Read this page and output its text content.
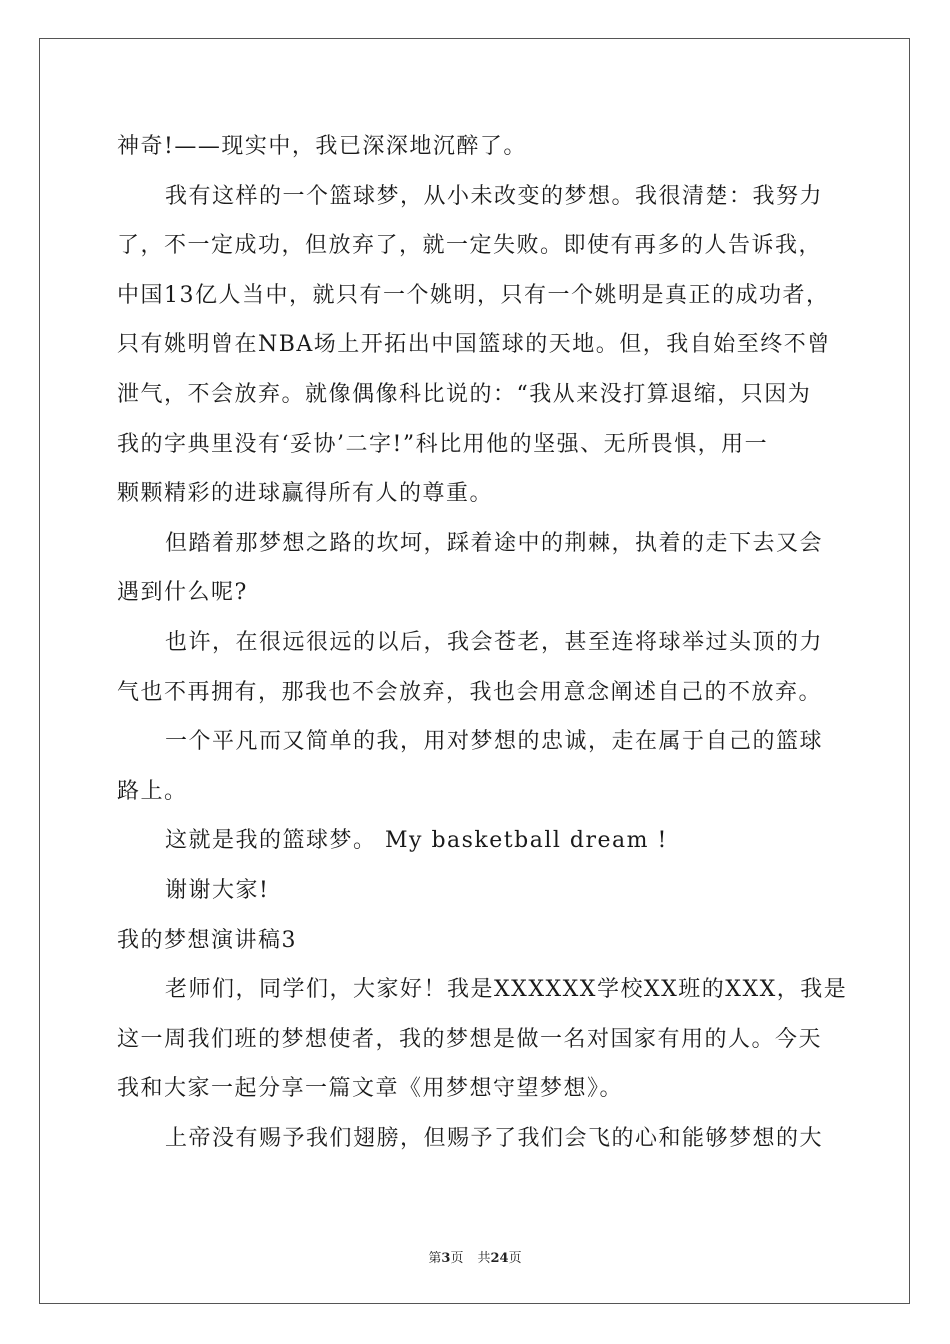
神奇!——现实中，我已深深地沉醉了。
我有这样的一个篮球梦，从小未改变的梦想。我很清楚：我努力
了，不一定成功，但放弃了，就一定失败。即使有再多的人告诉我，
中国13亿人当中，就只有一个姚明，只有一个姚明是真正的成功者，
只有姚明曾在NBA场上开拓出中国篮球的天地。但，我自始至终不曾
泄气，不会放弃。就像偶像科比说的：“我从来没打算退缩，只因为
我的字典里没有‘妥协’二字!”科比用他的坚强、无所畏惧，用一
颗颗精彩的进球赢得所有人的尊重。
但踏着那梦想之路的坎坷，踩着途中的荆棘，执着的走下去又会
遇到什么呢?
也许，在很远很远的以后，我会苍老，甚至连将球举过头顶的力
气也不再拥有，那我也不会放弃，我也会用意念阐述自己的不放弃。
一个平凡而又简单的我，用对梦想的忠诚，走在属于自己的篮球
路上。
这就是我的篮球梦。 My basketball dream !
谢谢大家!
我的梦想演讲稿3
老师们，同学们，大家好！我是XXXXXX学校XX班的XXX，我是
这一周我们班的梦想使者，我的梦想是做一名对国家有用的人。今天
我和大家一起分享一篇文章《用梦想守望梦想》。
上帝没有赐予我们翅膀，但赐予了我们会飞的心和能够梦想的大
第3页 共24页
